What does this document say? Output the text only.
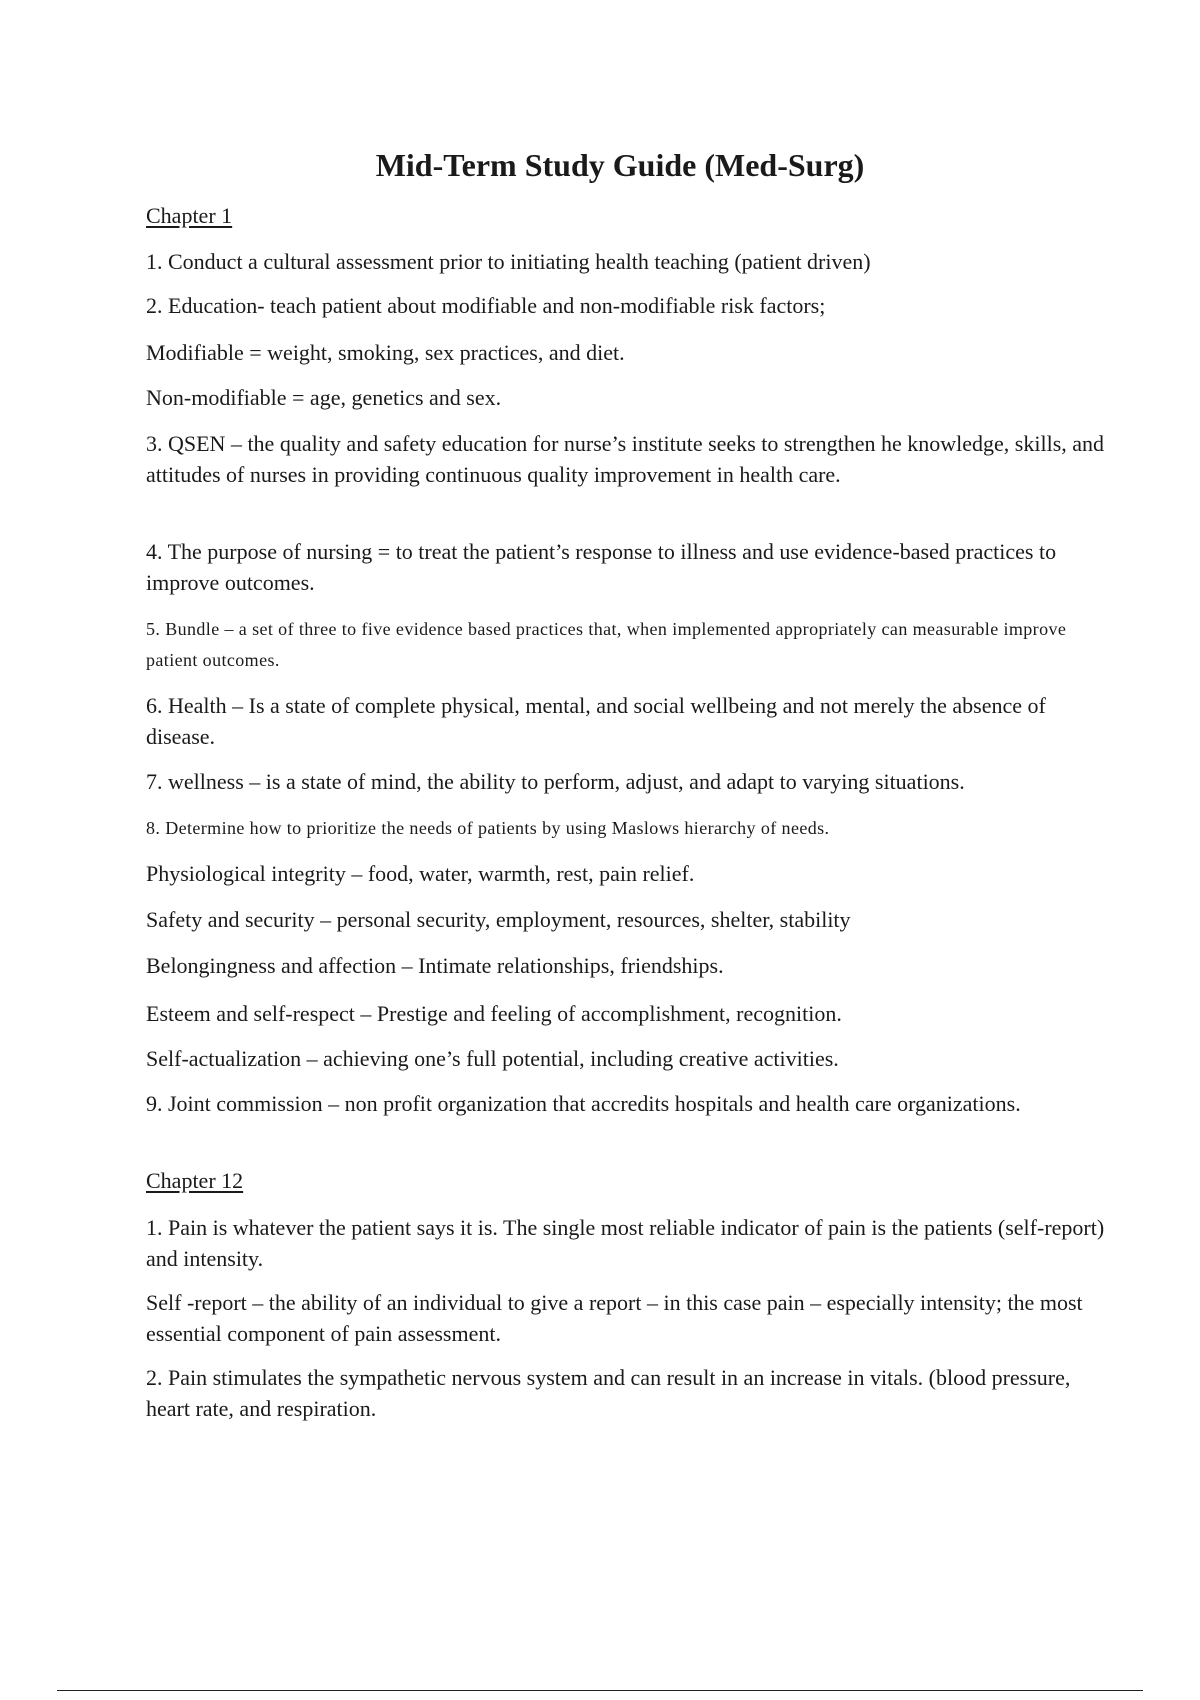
Mid-Term Study Guide (Med-Surg)

Chapter 1

1. Conduct a cultural assessment prior to initiating health teaching (patient driven)

2. Education- teach patient about modifiable and non-modifiable risk factors;

Modifiable = weight, smoking, sex practices, and diet.

Non-modifiable = age, genetics and sex.

3. QSEN – the quality and safety education for nurse’s institute seeks to strengthen he knowledge, skills, and attitudes of nurses in providing continuous quality improvement in health care.

4. The purpose of nursing = to treat the patient’s response to illness and use evidence-based practices to improve outcomes.

5. Bundle – a set of three to five evidence based practices that, when implemented appropriately can measurable improve patient outcomes.

6. Health – Is a state of complete physical, mental, and social wellbeing and not merely the absence of disease.

7. wellness – is a state of mind, the ability to perform, adjust, and adapt to varying situations.

8. Determine how to prioritize the needs of patients by using Maslows hierarchy of needs.

Physiological integrity – food, water, warmth, rest, pain relief.

Safety and security – personal security, employment, resources, shelter, stability

Belongingness and affection – Intimate relationships, friendships.

Esteem and self-respect – Prestige and feeling of accomplishment, recognition.

Self-actualization – achieving one’s full potential, including creative activities.

9. Joint commission – non profit organization that accredits hospitals and health care organizations.

Chapter 12

1. Pain is whatever the patient says it is. The single most reliable indicator of pain is the patients (self-report) and intensity.

Self -report – the ability of an individual to give a report – in this case pain – especially intensity; the most essential component of pain assessment.

2. Pain stimulates the sympathetic nervous system and can result in an increase in vitals. (blood pressure, heart rate, and respiration.
